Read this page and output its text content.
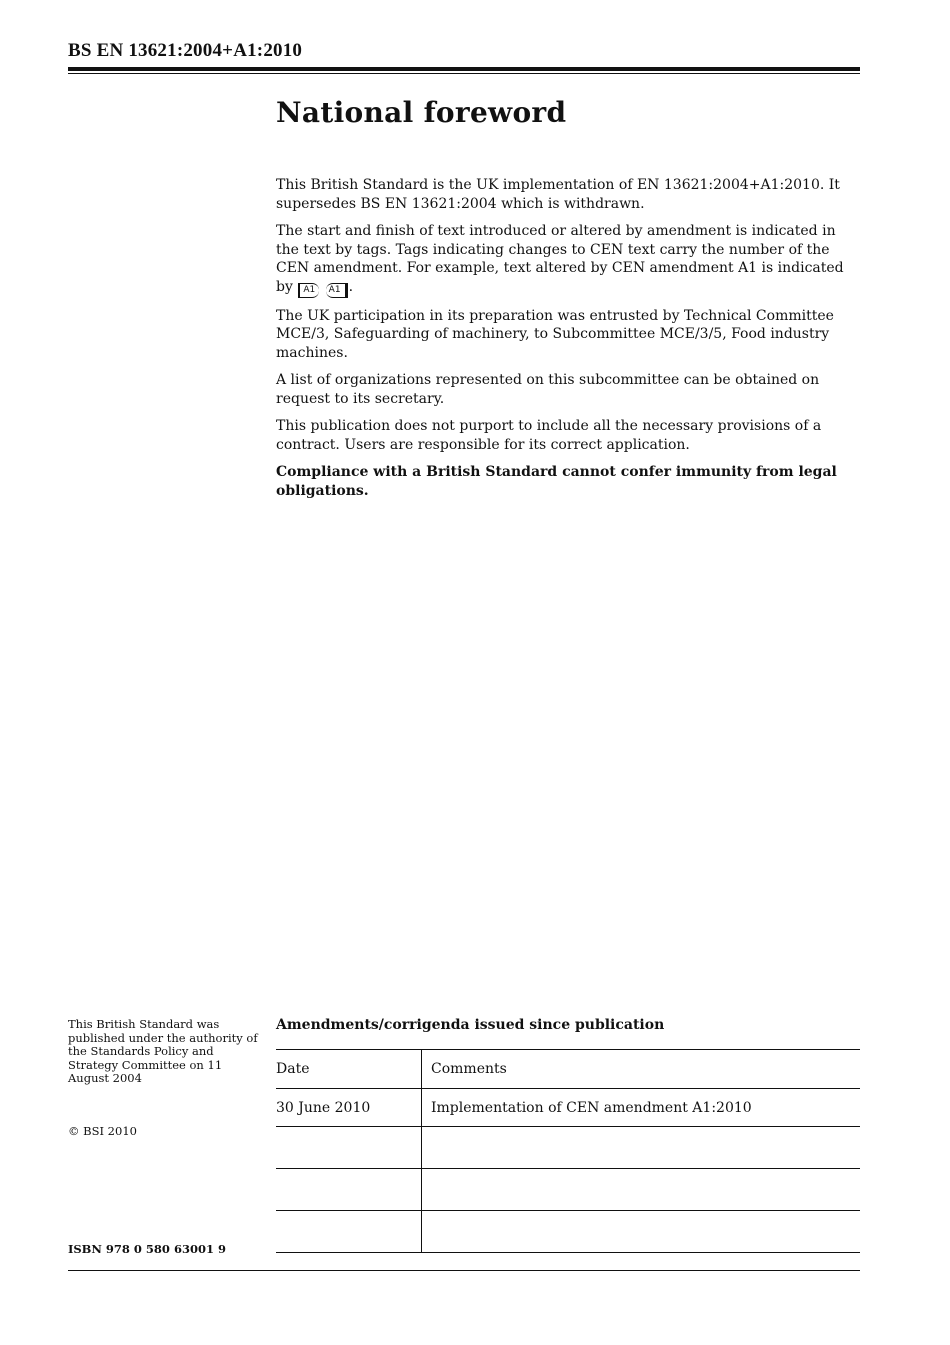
BS EN 13621:2004+A1:2010
National foreword

This British Standard is the UK implementation of EN 13621:2004+A1:2010. It supersedes BS EN 13621:2004 which is withdrawn.

The start and finish of text introduced or altered by amendment is indicated in the text by tags. Tags indicating changes to CEN text carry the number of the CEN amendment. For example, text altered by CEN amendment A1 is indicated by A1 A1 .

The UK participation in its preparation was entrusted by Technical Committee MCE/3, Safeguarding of machinery, to Subcommittee MCE/3/5, Food industry machines.

A list of organizations represented on this subcommittee can be obtained on request to its secretary.

This publication does not purport to include all the necessary provisions of a contract. Users are responsible for its correct application.

Compliance with a British Standard cannot confer immunity from legal obligations.

This British Standard was published under the authority of the Standards Policy and Strategy Committee on 11 August 2004
© BSI 2010
ISBN 978 0 580 63001 9
Amendments/corrigenda issued since publication
Date	Comments
30 June 2010	Implementation of CEN amendment A1:2010
